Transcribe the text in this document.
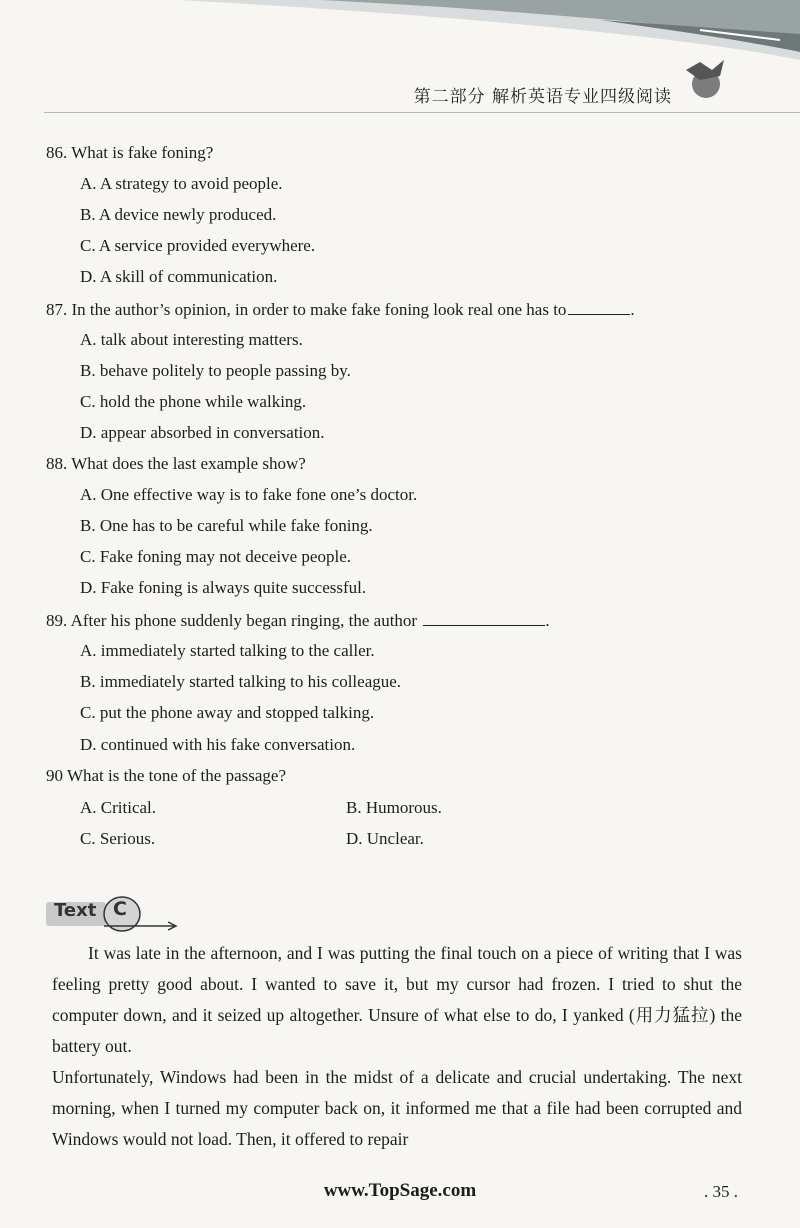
第二部分 解析英语专业四级阅读
86. What is fake foning?
A. A strategy to avoid people.
B. A device newly produced.
C. A service provided everywhere.
D. A skill of communication.
87. In the author’s opinion, in order to make fake foning look real one has to	.
A. talk about interesting matters.
B. behave politely to people passing by.
C. hold the phone while walking.
D. appear absorbed in conversation.
88. What does the last example show?
A. One effective way is to fake fone one’s doctor.
B. One has to be careful while fake foning.
C. Fake foning may not deceive people.
D. Fake foning is always quite successful.
89. After his phone suddenly began ringing, the author	.
A. immediately started talking to the caller.
B. immediately started talking to his colleague.
C. put the phone away and stopped talking.
D. continued with his fake conversation.
90 What is the tone of the passage?
A. Critical.	B. Humorous.
C. Serious.	D. Unclear.
Text C

It was late in the afternoon, and I was putting the final touch on a piece of writing that I was feeling pretty good about. I wanted to save it, but my cursor had frozen. I tried to shut the computer down, and it seized up altogether. Unsure of what else to do, I yanked (用力猛拉) the battery out.

Unfortunately, Windows had been in the midst of a delicate and crucial undertaking. The next morning, when I turned my computer back on, it informed me that a file had been corrupted and Windows would not load. Then, it offered to repair

www.TopSage.com	. 35 .
